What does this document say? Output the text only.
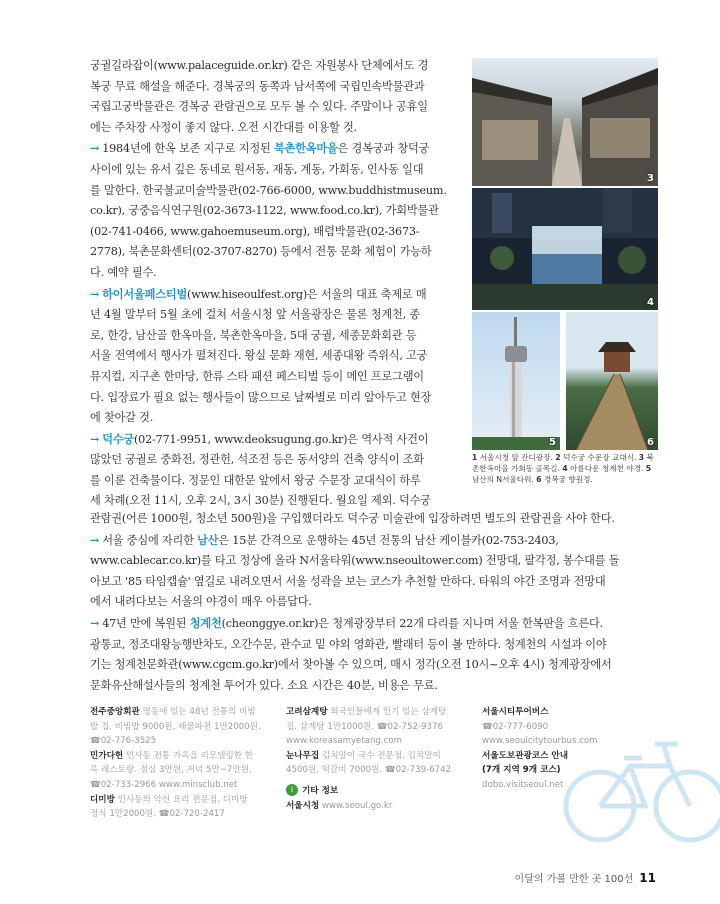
궁궐길라잡이(www.palaceguide.or.kr) 같은 자원봉사 단체에서도 경
복궁 무료 해설을 해준다. 경복궁의 동쪽과 남서쪽에 국립민속박물관과
국립고궁박물관은 경복궁 관람권으로 모두 볼 수 있다. 주말이나 공휴일
에는 주차장 사정이 좋지 않다. 오전 시간대를 이용할 것.

→ 1984년에 한옥 보존 지구로 지정된 북촌한옥마을은 경복궁과 창덕궁
사이에 있는 유서 깊은 동네로 원서동, 재동, 계동, 가회동, 인사동 일대
를 말한다. 한국불교미술박물관(02-766-6000, www.buddhistmuseum.
co.kr), 궁중음식연구원(02-3673-1122, www.food.co.kr), 가회박물관
(02-741-0466, www.gahoemuseum.org), 배렴박물관(02-3673-
2778), 북촌문화센터(02-3707-8270) 등에서 전통 문화 체험이 가능하
다. 예약 필수.

→ 하이서울페스티벌(www.hiseoulfest.org)은 서울의 대표 축제로 매
년 4월 말부터 5월 초에 걸쳐 서울시청 앞 서울광장은 물론 청계천, 종
로, 한강, 남산골 한옥마을, 북촌한옥마을, 5대 궁궐, 세종문화회관 등
서울 전역에서 행사가 펼쳐진다. 왕실 문화 재현, 세종대왕 즉위식, 고궁
뮤지컬, 지구촌 한마당, 한류 스타 패션 페스티벌 등이 메인 프로그램이
다. 입장료가 필요 없는 행사들이 많으므로 날짜별로 미리 알아두고 현장
에 찾아갈 것.

→ 덕수궁(02-771-9951, www.deoksugung.go.kr)은 역사적 사건이
많았던 궁궐로 중화전, 정관헌, 석조전 등은 동서양의 건축 양식이 조화
를 이룬 건축물이다. 정문인 대한문 앞에서 왕궁 수문장 교대식이 하루
세 차례(오전 11시, 오후 2시, 3시 30분) 진행된다. 월요일 제외. 덕수궁

관람권(어른 1000원, 청소년 500원)을 구입했더라도 덕수궁 미술관에 입장하려면 별도의 관람권을 사야 한다.

→ 서울 중심에 자리한 남산은 15분 간격으로 운행하는 45년 전통의 남산 케이블카(02-753-2403,
www.cablecar.co.kr)를 타고 정상에 올라 N서울타워(www.nseoultower.com) 전망대, 팔각정, 봉수대를 돌
아보고 '85 타임캡슐' 옆길로 내려오면서 서울 성곽을 보는 코스가 추천할 만하다. 타워의 야간 조명과 전망대
에서 내려다보는 서울의 야경이 매우 아름답다.

→ 47년 만에 복원된 청계천(cheonggye.or.kr)은 청계광장부터 22개 다리를 지나며 서울 한복판을 흐른다.
광통교, 정조대왕능행반차도, 오간수문, 관수교 밑 야외 영화관, 빨래터 등이 볼 만하다. 청계천의 시설과 이야
기는 청계천문화관(www.cgcm.go.kr)에서 찾아볼 수 있으며, 매시 정각(오전 10시~오후 4시) 청계광장에서
문화유산해설사들의 청계천 투어가 있다. 소요 시간은 40분, 비용은 무료.

3
4
5	6
1 서울시청 앞 잔디광장. 2 덕수궁 수문장 교대식. 3 북촌한옥마을 가회동 골목길. 4 아름다운 청계천 야경. 5 남산의 N서울타워. 6 경복궁 향원정.
전주중앙회관 명동에 있는 48년 전통의 비빔
밥 집. 비빔밥 9000원, 해물파전 1만2000원.
☎02-776-3525
민가다헌 인사동 전통 가옥을 리모델링한 한
옥 레스토랑. 점심 3만원, 저녁 5만~7만원.
☎02-733-2966 www.minsclub.net
디미방 인사동의 악선 요리 전문점. 디미방
정식 1만2000원. ☎02-720-2417
고려삼계탕 외국인들에게 인기 있는 삼계탕
집. 삼계탕 1만1000원. ☎02-752-9376
www.koreasamyetang.com
눈나무집 김치말이 국수 전문점. 김치말이
4500원, 떡갈비 7000원. ☎02-739-6742
i 기타 정보
서울시청 www.seoul.go.kr
서울시티투어버스
☎02-777-6090
www.seoulcitytourbus.com
서울도보관광코스 안내
(7개 지역 9개 코스)
dobo.visitseoul.net
이달의 가볼 만한 곳 100선 11
